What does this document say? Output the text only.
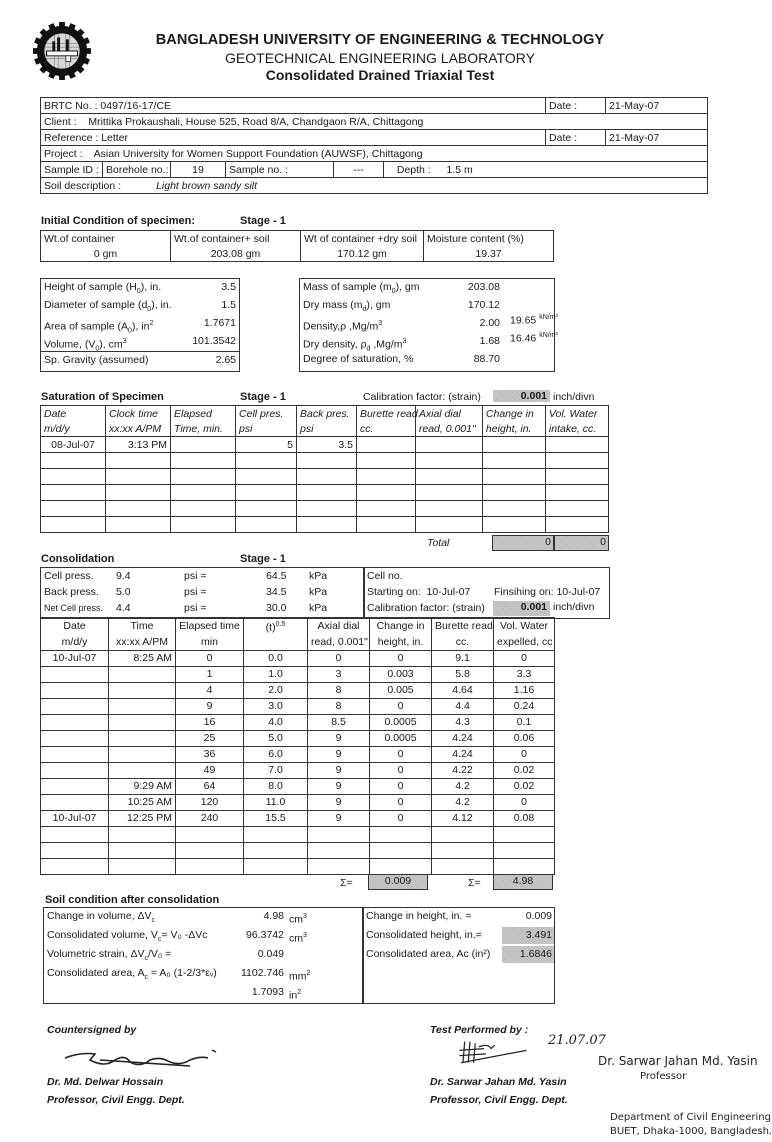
BANGLADESH UNIVERSITY OF ENGINEERING & TECHNOLOGY
GEOTECHNICAL ENGINEERING LABORATORY
Consolidated Drained Triaxial Test
BRTC No. : 0497/16-17/CE							Date :	21-May-07
Client : Mrittika Prokaushali, House 525, Road 8/A, Chandgaon R/A, Chittagong								
Reference : Letter							Date :	21-May-07
Project : Asian University for Women Support Foundation (AUWSF), Chittagong								
Sample ID :	Borehole no.:	19	Sample no. :	---	Depth :	1.5 m		
Soil description : Light brown sandy silt								
Initial Condition of specimen:	Stage - 1
Wt.of container	Wt.of container+ soil	Wt of container +dry soil	Moisture content (%)
0 gm	203.08 gm	170.12 gm	19.37
Height of sample $(H_0)$, in.	3.5
Diameter of sample $(d_0)$, in.	1.5
Area of sample $(A_0)$, $in^2$	1.7671
Volume, $(V_0)$, $cm^3$	101.3542
Sp. Gravity (assumed)	2.65
Mass of sample $(m_0)$, gm	203.08
Dry mass $(m_d)$, gm	170.12
Density,ρ $,Mg/m^3$	2.00
Dry density, $\rho_d$ $,Mg/m^3$	1.68
Degree of saturation, %	88.70
19.65 $^{kN/m^3}$
16.46 $^{kN/m^3}$
Saturation of Specimen	Stage - 1	Calibration factor: (strain)	0.001 inch/divn
Date	Clock time	Elapsed	Cell pres.	Back pres.	Burette read	Axial dial	Change in	Vol. Water
m/d/y	xx:xx A/PM	Time, min.	psi	psi	cc.	read, 0.001"	height, in.	intake, cc.
08-Jul-07	3:13 PM		5	3.5				

Total	0	0
Consolidation	Stage - 1
Cell press. 9.4	psi =	64.5 kPa
Back press. 5.0	psi =	34.5 kPa
Net Cell press. 4.4	psi =	30.0 kPa
Cell no.
Starting on: 10-Jul-07 Finsihing on: 10-Jul-07
Calibration factor: (strain)	0.001 inch/divn
Date	Time	Elapsed time	$(t)^{0.5}$	Axial dial	Change in	Burette read	Vol. Water
m/d/y	xx:xx A/PM	min		read, 0.001"	height, in.	cc.	expelled, cc
10-Jul-07	8:25 AM	0	0.0	0	0	9.1	0
		1	1.0	3	0.003	5.8	3.3
		4	2.0	8	0.005	4.64	1.16
		9	3.0	8	0	4.4	0.24
		16	4.0	8.5	0.0005	4.3	0.1
		25	5.0	9	0.0005	4.24	0.06
		36	6.0	9	0	4.24	0
		49	7.0	9	0	4.22	0.02
	9:29 AM	64	8.0	9	0	4.2	0.02
	10:25 AM	120	11.0	9	0	4.2	0
10-Jul-07	12:25 PM	240	15.5	9	0	4.12	0.08

Σ=	0.009	Σ=	4.98
Soil condition after consolidation
Change in volume, $\Delta V_c$	4.98 $cm^3$
Consolidated volume, $V_c= V_0$ -ΔVᴄ	96.3742 $cm^3$
Volumetric strain, $\Delta V_c/V_0$ =	0.049
Consolidated area, $A_c = A_0$ (1-2/3*εᵥ)	1102.746 $mm^2$
1.7093 $in^2$
Change in height, in. =	0.009
Consolidated height, in.=	3.491
Consolidated area, Aᴄ (in²)	1.6846
Countersigned by
Dr. Md. Delwar Hossain
Professor, Civil Engg. Dept.
Test Performed by :
21.07.07
Dr. Sarwar Jahan Md. Yasin
Professor, Civil Engg. Dept.
Dr. Sarwar Jahan Md. Yasin
Professor
Department of Civil Engineering
BUET, Dhaka-1000, Bangladesh.
